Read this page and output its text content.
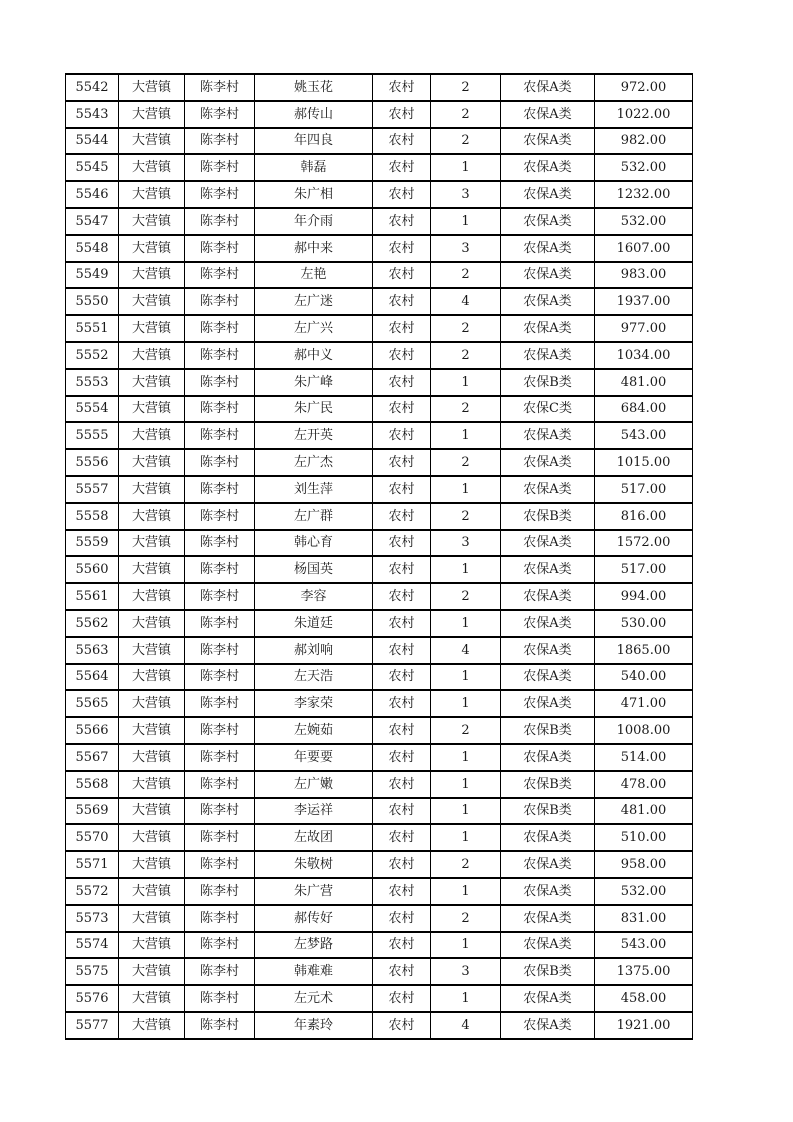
5542	大营镇	陈李村	姚玉花	农村	2	农保A类	972.00
5543	大营镇	陈李村	郝传山	农村	2	农保A类	1022.00
5544	大营镇	陈李村	年四良	农村	2	农保A类	982.00
5545	大营镇	陈李村	韩磊	农村	1	农保A类	532.00
5546	大营镇	陈李村	朱广相	农村	3	农保A类	1232.00
5547	大营镇	陈李村	年介雨	农村	1	农保A类	532.00
5548	大营镇	陈李村	郝中来	农村	3	农保A类	1607.00
5549	大营镇	陈李村	左艳	农村	2	农保A类	983.00
5550	大营镇	陈李村	左广迷	农村	4	农保A类	1937.00
5551	大营镇	陈李村	左广兴	农村	2	农保A类	977.00
5552	大营镇	陈李村	郝中义	农村	2	农保A类	1034.00
5553	大营镇	陈李村	朱广峰	农村	1	农保B类	481.00
5554	大营镇	陈李村	朱广民	农村	2	农保C类	684.00
5555	大营镇	陈李村	左开英	农村	1	农保A类	543.00
5556	大营镇	陈李村	左广杰	农村	2	农保A类	1015.00
5557	大营镇	陈李村	刘生萍	农村	1	农保A类	517.00
5558	大营镇	陈李村	左广群	农村	2	农保B类	816.00
5559	大营镇	陈李村	韩心育	农村	3	农保A类	1572.00
5560	大营镇	陈李村	杨国英	农村	1	农保A类	517.00
5561	大营镇	陈李村	李容	农村	2	农保A类	994.00
5562	大营镇	陈李村	朱道廷	农村	1	农保A类	530.00
5563	大营镇	陈李村	郝刘响	农村	4	农保A类	1865.00
5564	大营镇	陈李村	左天浩	农村	1	农保A类	540.00
5565	大营镇	陈李村	李家荣	农村	1	农保A类	471.00
5566	大营镇	陈李村	左婉茹	农村	2	农保B类	1008.00
5567	大营镇	陈李村	年要要	农村	1	农保A类	514.00
5568	大营镇	陈李村	左广嫩	农村	1	农保B类	478.00
5569	大营镇	陈李村	李运祥	农村	1	农保B类	481.00
5570	大营镇	陈李村	左故团	农村	1	农保A类	510.00
5571	大营镇	陈李村	朱敬树	农村	2	农保A类	958.00
5572	大营镇	陈李村	朱广营	农村	1	农保A类	532.00
5573	大营镇	陈李村	郝传好	农村	2	农保A类	831.00
5574	大营镇	陈李村	左梦路	农村	1	农保A类	543.00
5575	大营镇	陈李村	韩难难	农村	3	农保B类	1375.00
5576	大营镇	陈李村	左元术	农村	1	农保A类	458.00
5577	大营镇	陈李村	年素玲	农村	4	农保A类	1921.00
